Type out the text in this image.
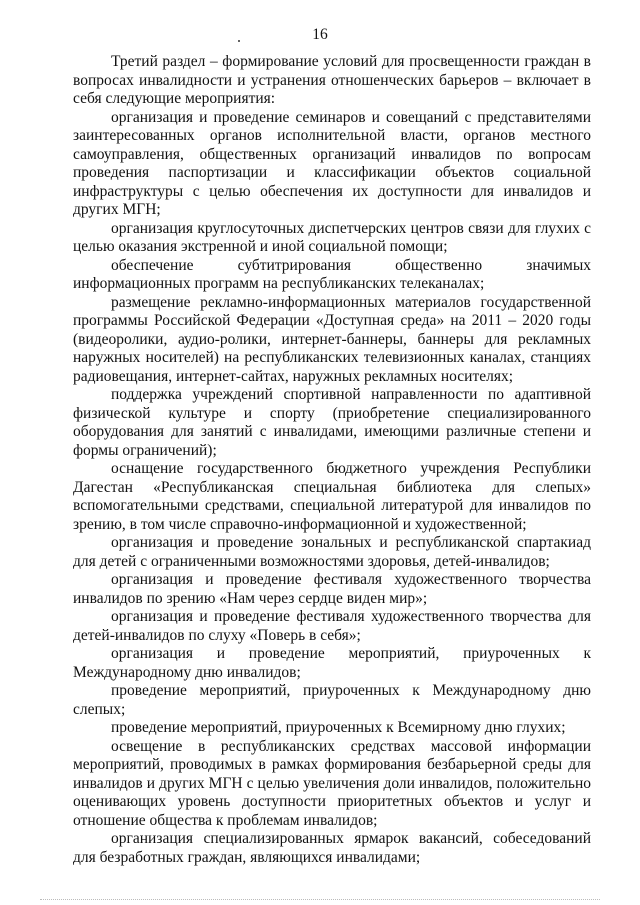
16

Третий раздел – формирование условий для просвещенности граждан в вопросах инвалидности и устранения отношенческих барьеров – включает в себя следующие мероприятия:

организация и проведение семинаров и совещаний с представителями заинтересованных органов исполнительной власти, органов местного самоуправления, общественных организаций инвалидов по вопросам проведения паспортизации и классификации объектов социальной инфраструктуры с целью обеспечения их доступности для инвалидов и других МГН;

организация круглосуточных диспетчерских центров связи для глухих с целью оказания экстренной и иной социальной помощи;

обеспечение субтитрирования общественно значимых информационных программ на республиканских телеканалах;

размещение рекламно-информационных материалов государственной программы Российской Федерации «Доступная среда» на 2011 – 2020 годы (видеоролики, аудио-ролики, интернет-баннеры, баннеры для рекламных наружных носителей) на республиканских телевизионных каналах, станциях радиовещания, интернет-сайтах, наружных рекламных носителях;

поддержка учреждений спортивной направленности по адаптивной физической культуре и спорту (приобретение специализированного оборудования для занятий с инвалидами, имеющими различные степени и формы ограничений);

оснащение государственного бюджетного учреждения Республики Дагестан «Республиканская специальная библиотека для слепых» вспомогательными средствами, специальной литературой для инвалидов по зрению, в том числе справочно-информационной и художественной;

организация и проведение зональных и республиканской спартакиад для детей с ограниченными возможностями здоровья, детей-инвалидов;

организация и проведение фестиваля художественного творчества инвалидов по зрению «Нам через сердце виден мир»;

организация и проведение фестиваля художественного творчества для детей-инвалидов по слуху «Поверь в себя»;

организация и проведение мероприятий, приуроченных к Международному дню инвалидов;

проведение мероприятий, приуроченных к Международному дню слепых;

проведение мероприятий, приуроченных к Всемирному дню глухих;

освещение в республиканских средствах массовой информации мероприятий, проводимых в рамках формирования безбарьерной среды для инвалидов и других МГН с целью увеличения доли инвалидов, положительно оценивающих уровень доступности приоритетных объектов и услуг и отношение общества к проблемам инвалидов;

организация специализированных ярмарок вакансий, собеседований для безработных граждан, являющихся инвалидами;
